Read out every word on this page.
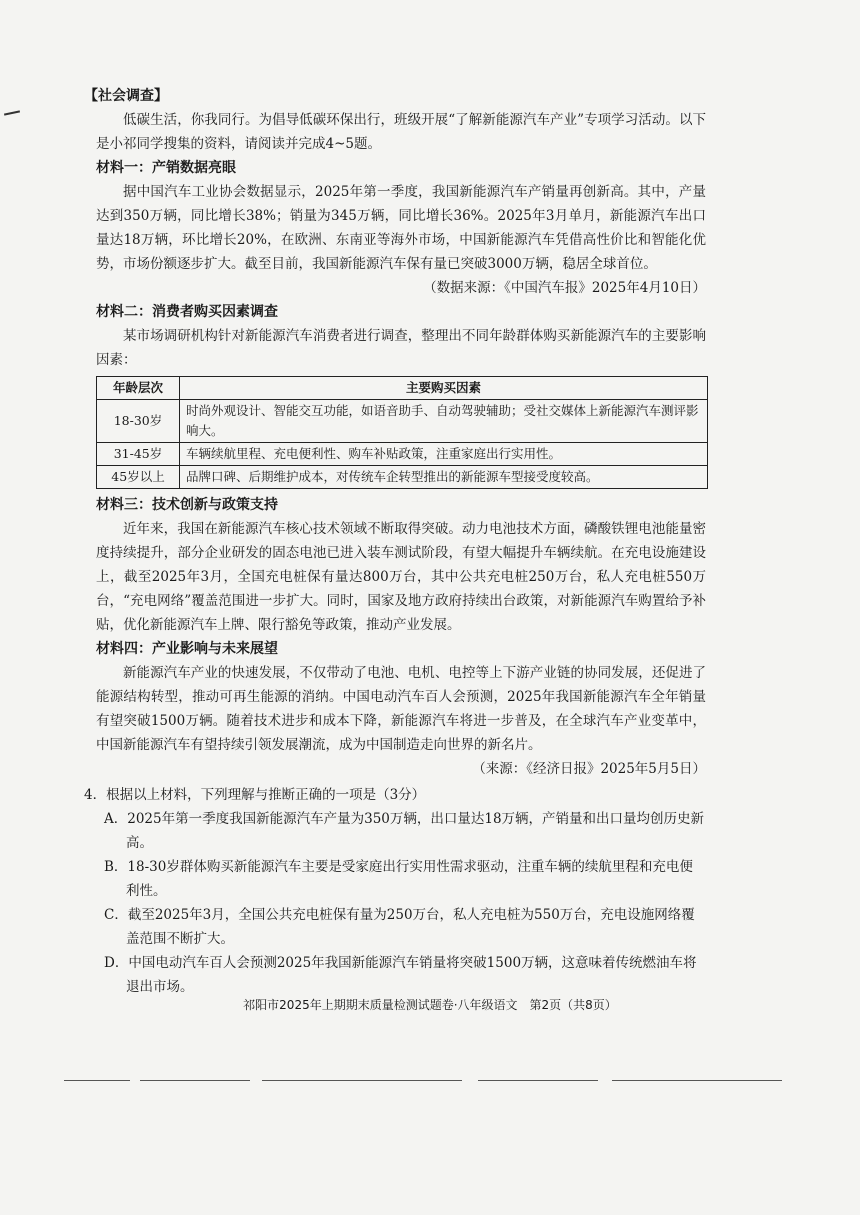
【社会调查】

低碳生活，你我同行。为倡导低碳环保出行，班级开展“了解新能源汽车产业”专项学习活动。以下是小祁同学搜集的资料，请阅读并完成4~5题。

材料一：产销数据亮眼

据中国汽车工业协会数据显示，2025年第一季度，我国新能源汽车产销量再创新高。其中，产量达到350万辆，同比增长38%；销量为345万辆，同比增长36%。2025年3月单月，新能源汽车出口量达18万辆，环比增长20%，在欧洲、东南亚等海外市场，中国新能源汽车凭借高性价比和智能化优势，市场份额逐步扩大。截至目前，我国新能源汽车保有量已突破3000万辆，稳居全球首位。

（数据来源：《中国汽车报》2025年4月10日）

材料二：消费者购买因素调查

某市场调研机构针对新能源汽车消费者进行调查，整理出不同年龄群体购买新能源汽车的主要影响因素：

年龄层次	主要购买因素
18-30岁	时尚外观设计、智能交互功能，如语音助手、自动驾驶辅助；受社交媒体上新能源汽车测评影响大。
31-45岁	车辆续航里程、充电便利性、购车补贴政策，注重家庭出行实用性。
45岁以上	品牌口碑、后期维护成本，对传统车企转型推出的新能源车型接受度较高。

材料三：技术创新与政策支持

近年来，我国在新能源汽车核心技术领域不断取得突破。动力电池技术方面，磷酸铁锂电池能量密度持续提升，部分企业研发的固态电池已进入装车测试阶段，有望大幅提升车辆续航。在充电设施建设上，截至2025年3月，全国充电桩保有量达800万台，其中公共充电桩250万台，私人充电桩550万台，“充电网络”覆盖范围进一步扩大。同时，国家及地方政府持续出台政策，对新能源汽车购置给予补贴，优化新能源汽车上牌、限行豁免等政策，推动产业发展。

材料四：产业影响与未来展望

新能源汽车产业的快速发展，不仅带动了电池、电机、电控等上下游产业链的协同发展，还促进了能源结构转型，推动可再生能源的消纳。中国电动汽车百人会预测，2025年我国新能源汽车全年销量有望突破1500万辆。随着技术进步和成本下降，新能源汽车将进一步普及，在全球汽车产业变革中，中国新能源汽车有望持续引领发展潮流，成为中国制造走向世界的新名片。

（来源：《经济日报》2025年5月5日）

4．根据以上材料，下列理解与推断正确的一项是（3分）

A．2025年第一季度我国新能源汽车产量为350万辆，出口量达18万辆，产销量和出口量均创历史新高。

B．18-30岁群体购买新能源汽车主要是受家庭出行实用性需求驱动，注重车辆的续航里程和充电便利性。

C．截至2025年3月，全国公共充电桩保有量为250万台，私人充电桩为550万台，充电设施网络覆盖范围不断扩大。

D．中国电动汽车百人会预测2025年我国新能源汽车销量将突破1500万辆，这意味着传统燃油车将退出市场。

祁阳市2025年上期期末质量检测试题卷·八年级语文　第2页（共8页）
